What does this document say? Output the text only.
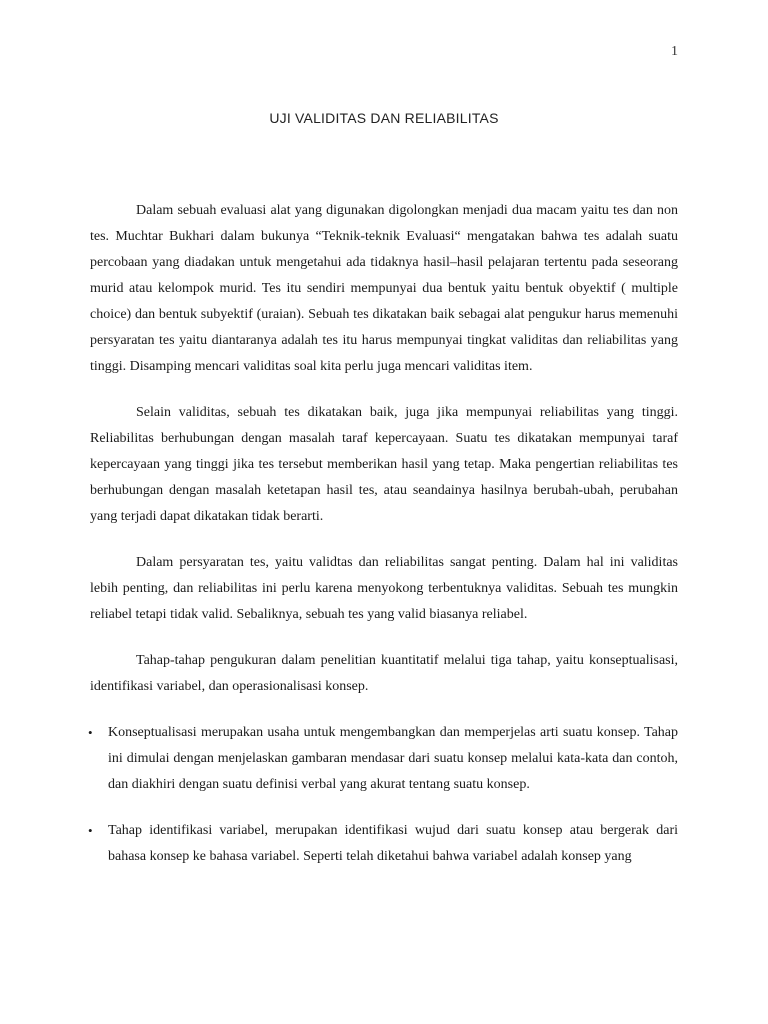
1
UJI VALIDITAS DAN RELIABILITAS

Dalam sebuah evaluasi alat yang digunakan digolongkan menjadi dua macam yaitu tes dan non tes. Muchtar Bukhari dalam bukunya “Teknik-teknik Evaluasi“ mengatakan bahwa tes adalah suatu percobaan yang diadakan untuk mengetahui ada tidaknya hasil–hasil pelajaran tertentu pada seseorang murid atau kelompok murid. Tes itu sendiri mempunyai dua bentuk yaitu bentuk obyektif ( multiple choice) dan bentuk subyektif (uraian). Sebuah tes dikatakan baik sebagai alat pengukur harus memenuhi persyaratan tes yaitu diantaranya adalah tes itu harus mempunyai tingkat validitas dan reliabilitas yang tinggi. Disamping mencari validitas soal kita perlu juga mencari validitas item.

Selain validitas, sebuah tes dikatakan baik, juga jika mempunyai reliabilitas yang tinggi. Reliabilitas berhubungan dengan masalah taraf kepercayaan. Suatu tes dikatakan mempunyai taraf kepercayaan yang tinggi jika tes tersebut memberikan hasil yang tetap. Maka pengertian reliabilitas tes berhubungan dengan masalah ketetapan hasil tes, atau seandainya hasilnya berubah-ubah, perubahan yang terjadi dapat dikatakan tidak berarti.

Dalam persyaratan tes, yaitu validtas dan reliabilitas sangat penting. Dalam hal ini validitas lebih penting, dan reliabilitas ini perlu karena menyokong terbentuknya validitas. Sebuah tes mungkin reliabel tetapi tidak valid. Sebaliknya, sebuah tes yang valid biasanya reliabel.

Tahap-tahap pengukuran dalam penelitian kuantitatif melalui tiga tahap, yaitu konseptualisasi, identifikasi variabel, dan operasionalisasi konsep.

• Konseptualisasi merupakan usaha untuk mengembangkan dan memperjelas arti suatu konsep. Tahap ini dimulai dengan menjelaskan gambaran mendasar dari suatu konsep melalui kata-kata dan contoh, dan diakhiri dengan suatu definisi verbal yang akurat tentang suatu konsep.
• Tahap identifikasi variabel, merupakan identifikasi wujud dari suatu konsep atau bergerak dari bahasa konsep ke bahasa variabel. Seperti telah diketahui bahwa variabel adalah konsep yang
